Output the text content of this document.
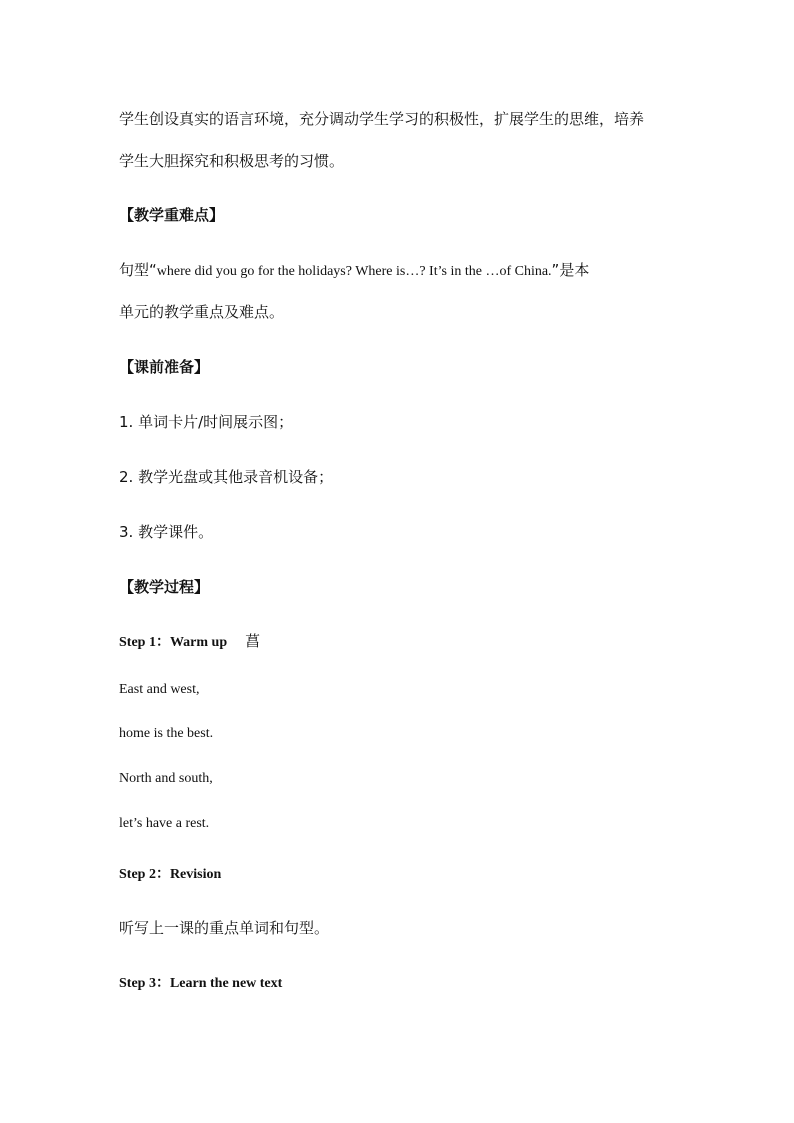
学生创设真实的语言环境，充分调动学生学习的积极性，扩展学生的思维，培养
学生大胆探究和积极思考的习惯。
【教学重难点】
句型“where did you go for the holidays? Where is…? It’s in the …of China.”是本
单元的教学重点及难点。
【课前准备】
1. 单词卡片/时间展示图；
2. 教学光盘或其他录音机设备；
3. 教学课件。
【教学过程】
Step 1：Warm up 菖
East and west,
home is the best.
North and south,
let’s have a rest.
Step 2：Revision
听写上一课的重点单词和句型。
Step 3：Learn the new text
